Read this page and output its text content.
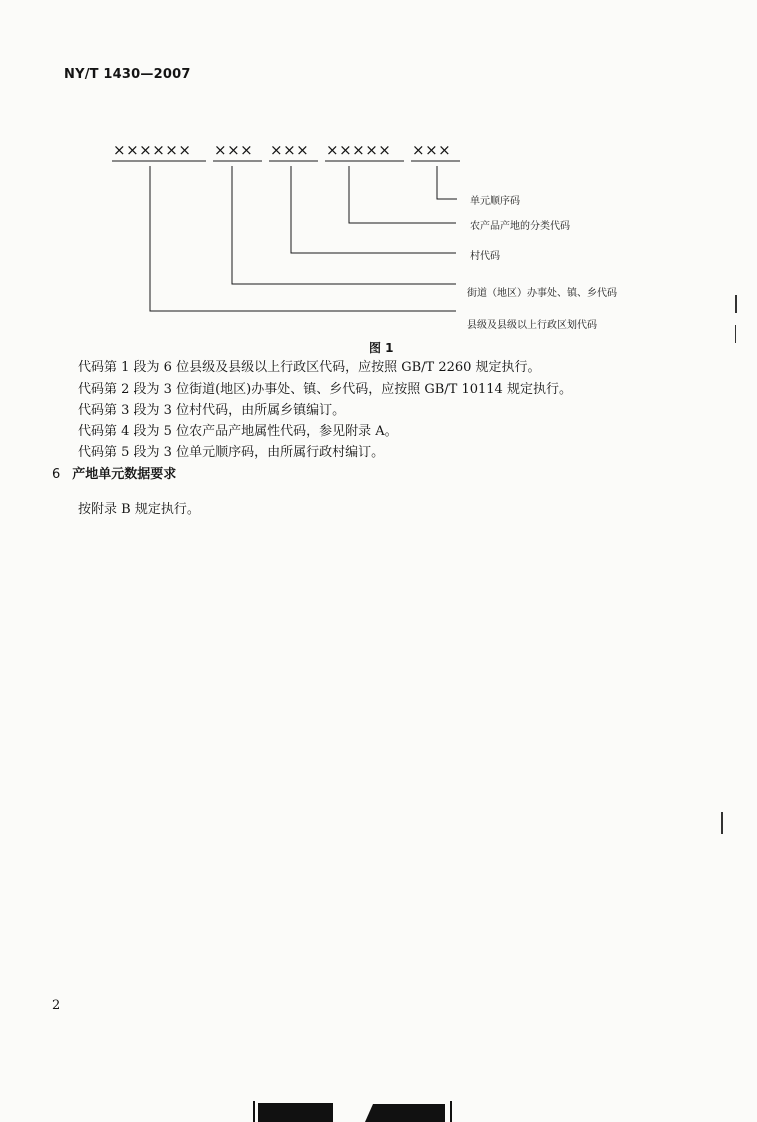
NY/T 1430—2007
×××××× ××× ××× ××××× ×××
单元顺序码
农产品产地的分类代码
村代码
街道（地区）办事处、镇、乡代码
县级及县级以上行政区划代码
图 1
代码第 1 段为 6 位县级及县级以上行政区代码，应按照 GB/T 2260 规定执行。
代码第 2 段为 3 位街道(地区)办事处、镇、乡代码，应按照 GB/T 10114 规定执行。
代码第 3 段为 3 位村代码，由所属乡镇编订。
代码第 4 段为 5 位农产品产地属性代码，参见附录 A。
代码第 5 段为 3 位单元顺序码，由所属行政村编订。
6 产地单元数据要求
按附录 B 规定执行。
2
